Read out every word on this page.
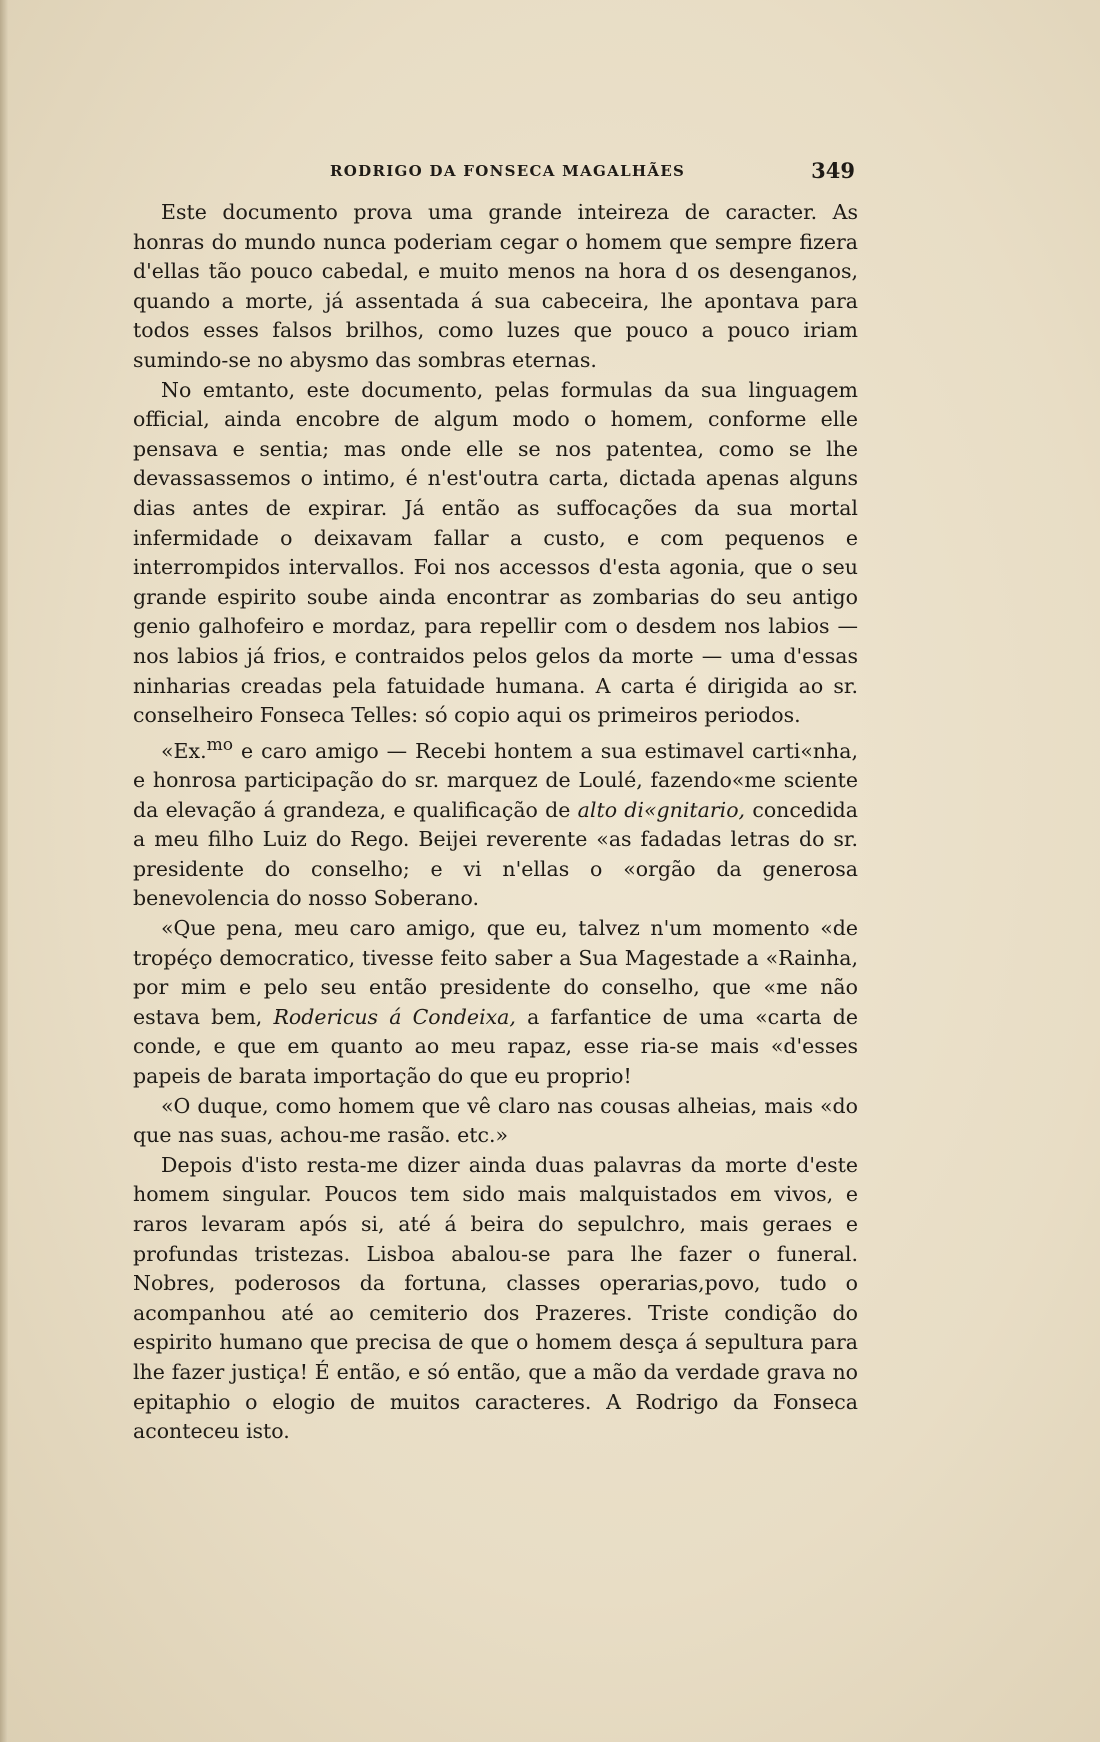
RODRIGO DA FONSECA MAGALHÃES	349

Este documento prova uma grande inteireza de caracter. As honras do mundo nunca poderiam cegar o homem que sempre fizera d'ellas tão pouco cabedal, e muito menos na hora d os desenganos, quando a morte, já assentada á sua cabeceira, lhe apontava para todos esses falsos brilhos, como luzes que pouco a pouco iriam sumindo-se no abysmo das sombras eternas.

No emtanto, este documento, pelas formulas da sua linguagem official, ainda encobre de algum modo o homem, conforme elle pensava e sentia; mas onde elle se nos patentea, como se lhe devassassemos o intimo, é n'est'outra carta, dictada apenas alguns dias antes de expirar. Já então as suffocações da sua mortal infermidade o deixavam fallar a custo, e com pequenos e interrompidos intervallos. Foi nos accessos d'esta agonia, que o seu grande espirito soube ainda encontrar as zombarias do seu antigo genio galhofeiro e mordaz, para repellir com o desdem nos labios — nos labios já frios, e contraidos pelos gelos da morte — uma d'essas ninharias creadas pela fatuidade humana. A carta é dirigida ao sr. conselheiro Fonseca Telles: só copio aqui os primeiros periodos.

«Ex.$^{mo}$ e caro amigo — Recebi hontem a sua estimavel carti«nha, e honrosa participação do sr. marquez de Loulé, fazendo«me sciente da elevação á grandeza, e qualificação de alto di«gnitario, concedida a meu filho Luiz do Rego. Beijei reverente «as fadadas letras do sr. presidente do conselho; e vi n'ellas o «orgão da generosa benevolencia do nosso Soberano.

«Que pena, meu caro amigo, que eu, talvez n'um momento «de tropéço democratico, tivesse feito saber a Sua Magestade a «Rainha, por mim e pelo seu então presidente do conselho, que «me não estava bem, Rodericus á Condeixa, a farfantice de uma «carta de conde, e que em quanto ao meu rapaz, esse ria-se mais «d'esses papeis de barata importação do que eu proprio!

«O duque, como homem que vê claro nas cousas alheias, mais «do que nas suas, achou-me rasão. etc.»

Depois d'isto resta-me dizer ainda duas palavras da morte d'este homem singular. Poucos tem sido mais malquistados em vivos, e raros levaram após si, até á beira do sepulchro, mais geraes e profundas tristezas. Lisboa abalou-se para lhe fazer o funeral. Nobres, poderosos da fortuna, classes operarias,povo, tudo o acompanhou até ao cemiterio dos Prazeres. Triste condição do espirito humano que precisa de que o homem desça á sepultura para lhe fazer justiça! É então, e só então, que a mão da verdade grava no epitaphio o elogio de muitos caracteres. A Rodrigo da Fonseca aconteceu isto.
